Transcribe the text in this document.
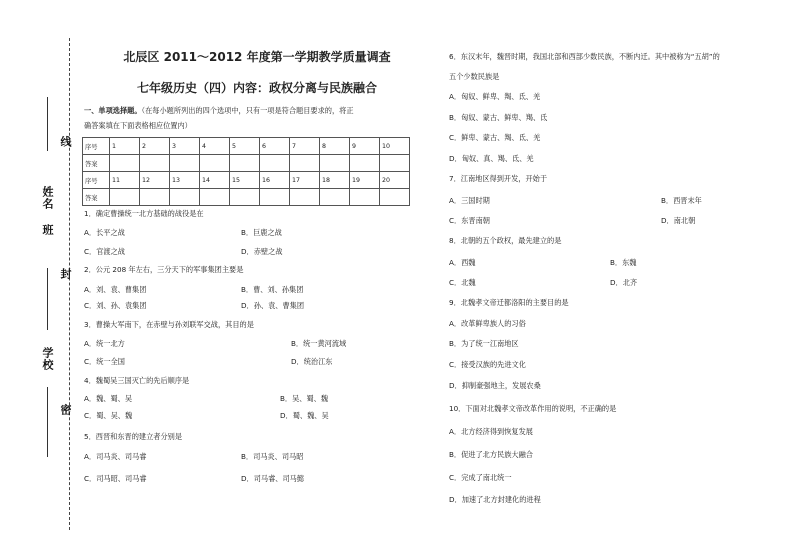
线
姓名
班
封
学校
密
北辰区 2011～2012 年度第一学期教学质量调查
七年级历史（四）内容：政权分离与民族融合
一、单项选择题。（在每小题所列出的四个选项中，只有一项是符合题目要求的，将正
确答案填在下面表格相应位置内）
序号	1	2	3	4	5	6	7	8	9	10
答案										
序号	11	12	13	14	15	16	17	18	19	20
答案										
1．确定曹操统一北方基础的战役是在
A．长平之战	B．巨鹿之战
C．官渡之战	D．赤壁之战
2．公元 208 年左右，三分天下的军事集团主要是
A．刘、袁、曹集团	B．曹、刘、孙集团
C．刘、孙、袁集团	D．孙、袁、曹集团
3．曹操大军南下，在赤壁与孙刘联军交战，其目的是
A．统一北方	B．统一黄河流域
C．统一全国	D．统治江东
4．魏蜀吴三国灭亡的先后顺序是
A．魏、蜀、吴	B．吴、蜀、魏
C．蜀、吴、魏	D．蜀、魏、吴
5．西晋和东晋的建立者分别是
A．司马炎、司马睿	B．司马炎、司马昭
C．司马昭、司马睿	D．司马睿、司马懿
6．东汉末年，魏晋时期，我国北部和西部少数民族，不断内迁。其中被称为“五胡”的
五个少数民族是
A．匈奴、鲜卑、羯、氐、羌
B．匈奴、蒙古、鲜卑、羯、氐
C．鲜卑、蒙古、羯、氐、羌
D．匈奴、真、羯、氐、羌
7．江南地区得到开发，开始于
A．三国时期	B．西晋末年
C．东晋南朝	D．南北朝
8．北朝的五个政权，最先建立的是
A．西魏	B．东魏
C．北魏	D．北齐
9．北魏孝文帝迁都洛阳的主要目的是
A．改革鲜卑族人的习俗
B．为了统一江南地区
C．接受汉族的先进文化
D．抑制豪强地主，发展农桑
10．下面对北魏孝文帝改革作用的说明，不正确的是
A．北方经济得到恢复发展
B．促进了北方民族大融合
C．完成了南北统一
D．加速了北方封建化的进程
